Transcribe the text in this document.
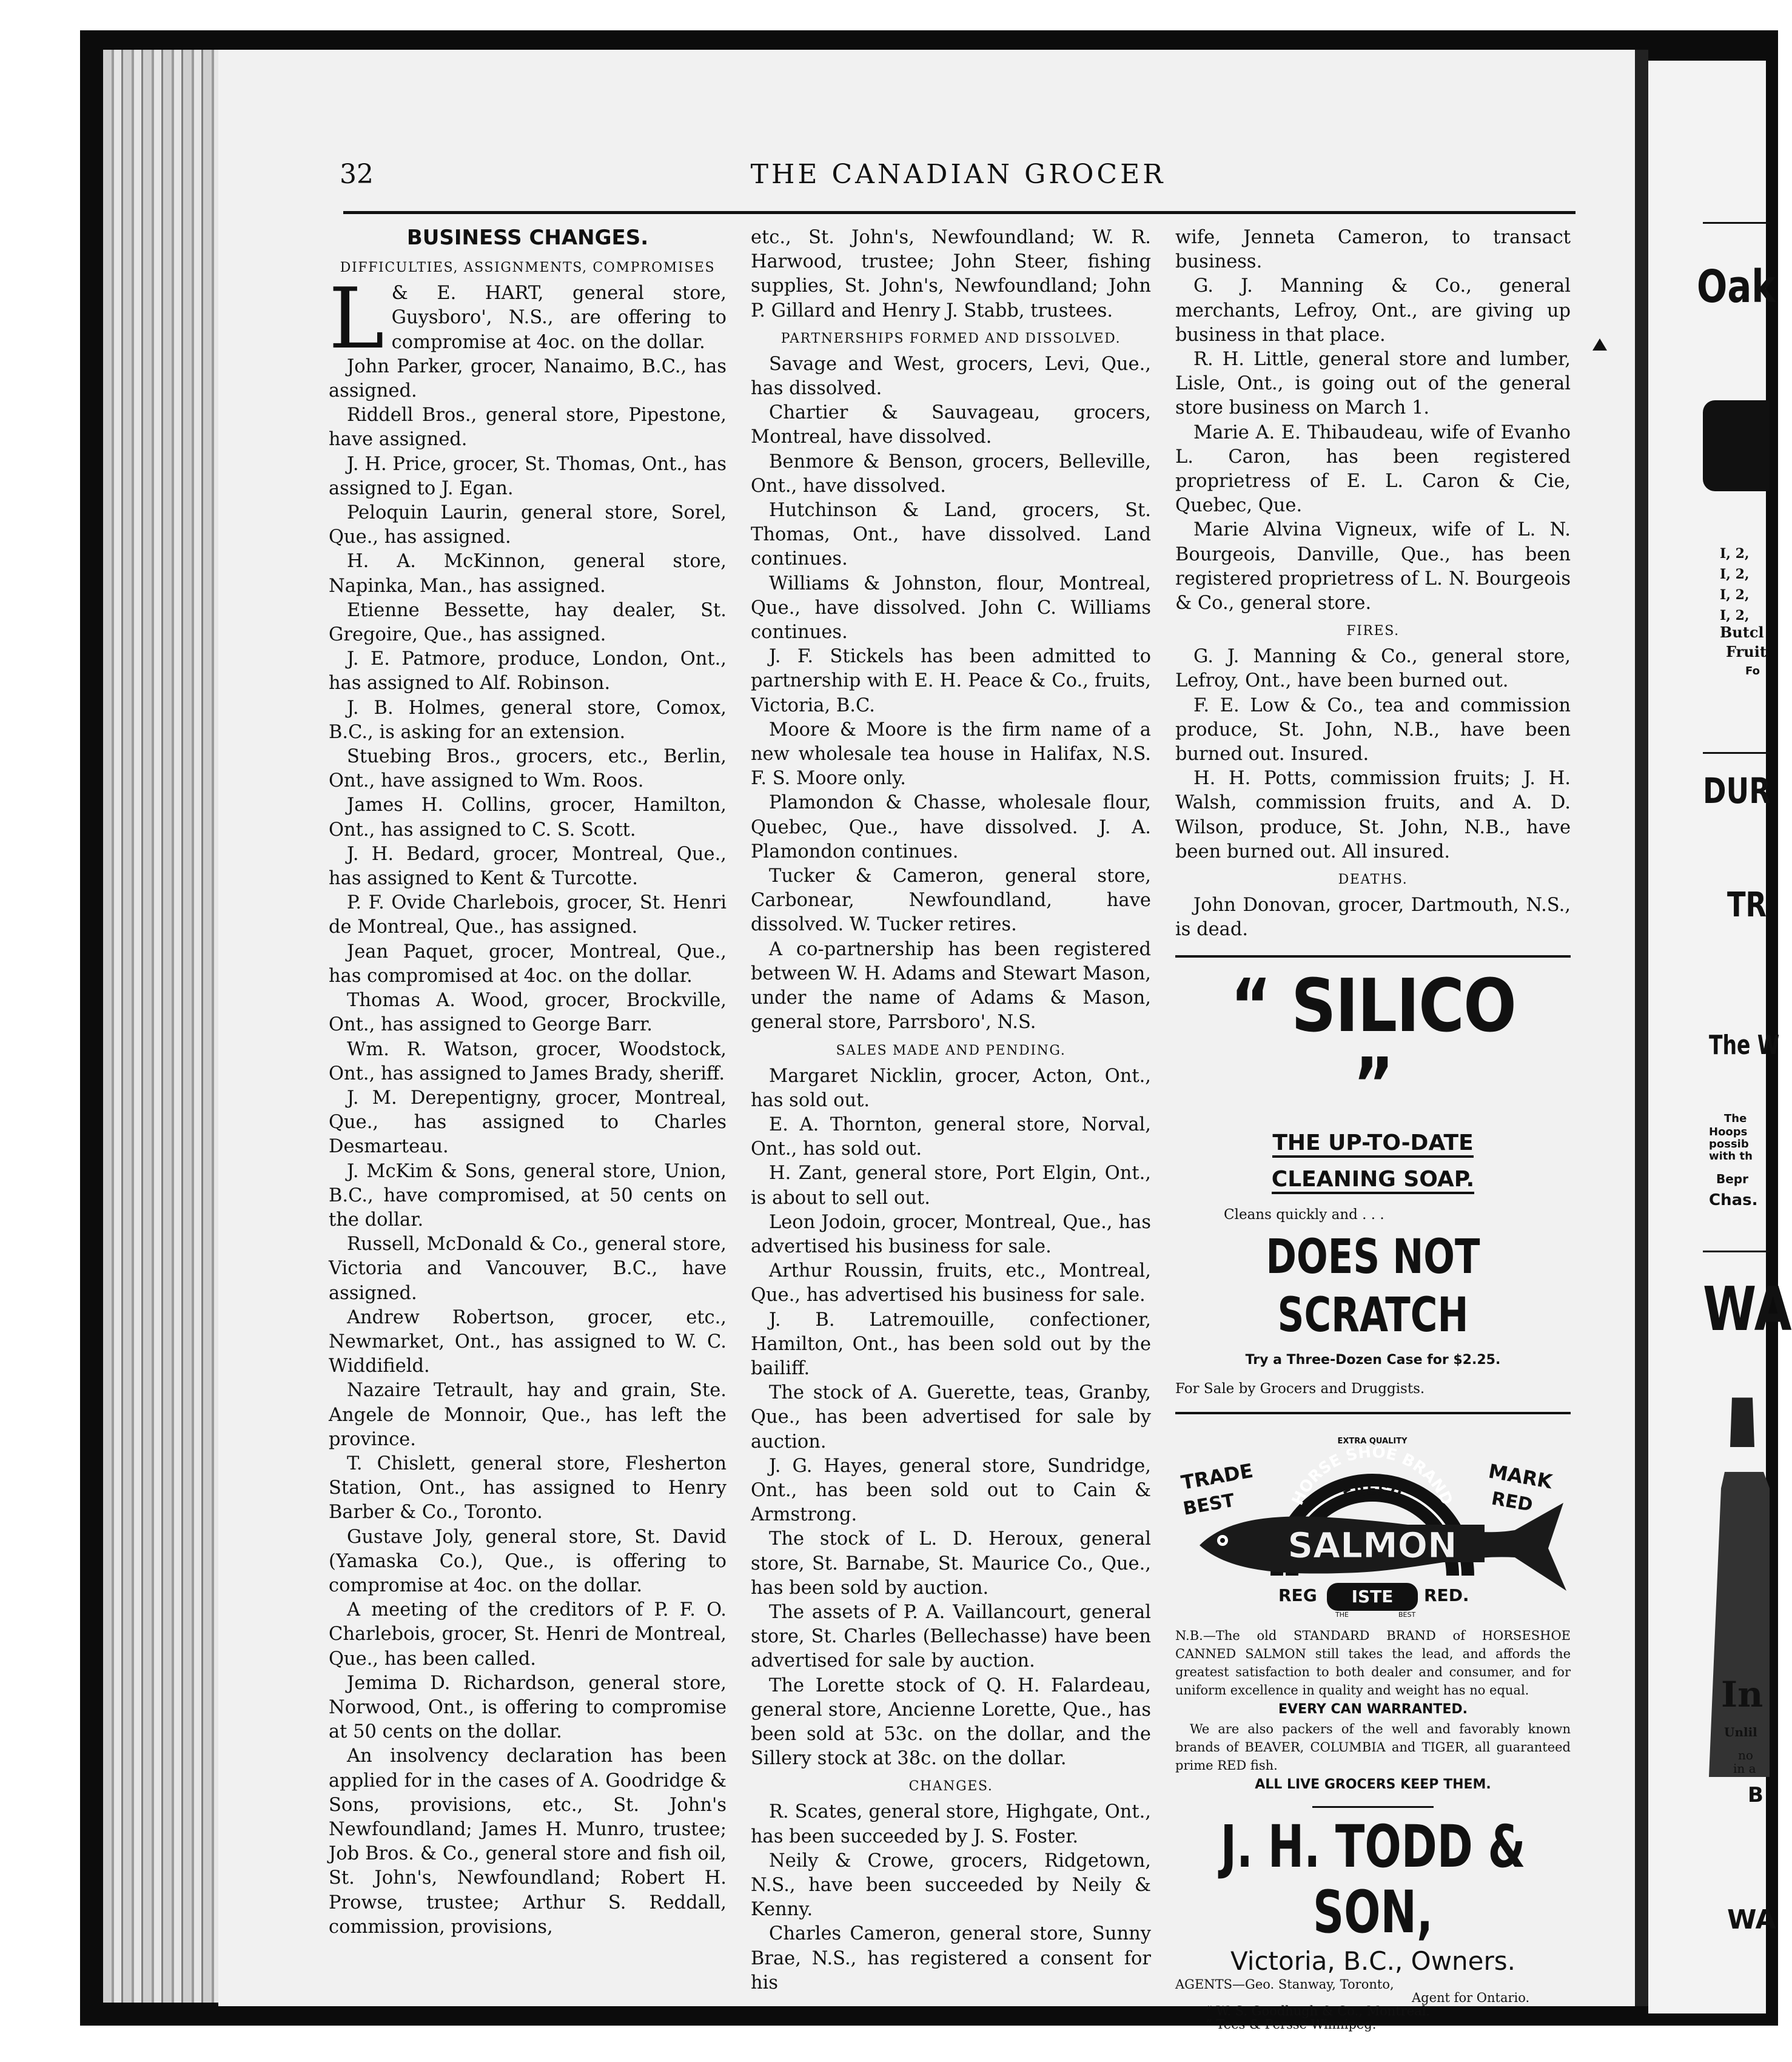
32	THE CANADIAN GROCER
BUSINESS CHANGES.
DIFFICULTIES, ASSIGNMENTS, COMPROMISES

L & E. HART, general store, Guysboro', N.S., are offering to compromise at 4oc. on the dollar.

John Parker, grocer, Nanaimo, B.C., has assigned.

Riddell Bros., general store, Pipestone, have assigned.

J. H. Price, grocer, St. Thomas, Ont., has assigned to J. Egan.

Peloquin Laurin, general store, Sorel, Que., has assigned.

H. A. McKinnon, general store, Napinka, Man., has assigned.

Etienne Bessette, hay dealer, St. Gregoire, Que., has assigned.

J. E. Patmore, produce, London, Ont., has assigned to Alf. Robinson.

J. B. Holmes, general store, Comox, B.C., is asking for an extension.

Stuebing Bros., grocers, etc., Berlin, Ont., have assigned to Wm. Roos.

James H. Collins, grocer, Hamilton, Ont., has assigned to C. S. Scott.

J. H. Bedard, grocer, Montreal, Que., has assigned to Kent & Turcotte.

P. F. Ovide Charlebois, grocer, St. Henri de Montreal, Que., has assigned.

Jean Paquet, grocer, Montreal, Que., has compromised at 4oc. on the dollar.

Thomas A. Wood, grocer, Brockville, Ont., has assigned to George Barr.

Wm. R. Watson, grocer, Woodstock, Ont., has assigned to James Brady, sheriff.

J. M. Derepentigny, grocer, Montreal, Que., has assigned to Charles Desmarteau.

J. McKim & Sons, general store, Union, B.C., have compromised, at 50 cents on the dollar.

Russell, McDonald & Co., general store, Victoria and Vancouver, B.C., have assigned.

Andrew Robertson, grocer, etc., Newmarket, Ont., has assigned to W. C. Widdifield.

Nazaire Tetrault, hay and grain, Ste. Angele de Monnoir, Que., has left the province.

T. Chislett, general store, Flesherton Station, Ont., has assigned to Henry Barber & Co., Toronto.

Gustave Joly, general store, St. David (Yamaska Co.), Que., is offering to compromise at 4oc. on the dollar.

A meeting of the creditors of P. F. O. Charlebois, grocer, St. Henri de Montreal, Que., has been called.

Jemima D. Richardson, general store, Norwood, Ont., is offering to compromise at 50 cents on the dollar.

An insolvency declaration has been applied for in the cases of A. Goodridge & Sons, provisions, etc., St. John's Newfoundland; James H. Munro, trustee; Job Bros. & Co., general store and fish oil, St. John's, Newfoundland; Robert H. Prowse, trustee; Arthur S. Reddall, commission, provisions,

etc., St. John's, Newfoundland; W. R. Harwood, trustee; John Steer, fishing supplies, St. John's, Newfoundland; John P. Gillard and Henry J. Stabb, trustees.

PARTNERSHIPS FORMED AND DISSOLVED.

Savage and West, grocers, Levi, Que., has dissolved.

Chartier & Sauvageau, grocers, Montreal, have dissolved.

Benmore & Benson, grocers, Belleville, Ont., have dissolved.

Hutchinson & Land, grocers, St. Thomas, Ont., have dissolved. Land continues.

Williams & Johnston, flour, Montreal, Que., have dissolved. John C. Williams continues.

J. F. Stickels has been admitted to partnership with E. H. Peace & Co., fruits, Victoria, B.C.

Moore & Moore is the firm name of a new wholesale tea house in Halifax, N.S. F. S. Moore only.

Plamondon & Chasse, wholesale flour, Quebec, Que., have dissolved. J. A. Plamondon continues.

Tucker & Cameron, general store, Carbonear, Newfoundland, have dissolved. W. Tucker retires.

A co-partnership has been registered between W. H. Adams and Stewart Mason, under the name of Adams & Mason, general store, Parrsboro', N.S.

SALES MADE AND PENDING.

Margaret Nicklin, grocer, Acton, Ont., has sold out.

E. A. Thornton, general store, Norval, Ont., has sold out.

H. Zant, general store, Port Elgin, Ont., is about to sell out.

Leon Jodoin, grocer, Montreal, Que., has advertised his business for sale.

Arthur Roussin, fruits, etc., Montreal, Que., has advertised his business for sale.

J. B. Latremouille, confectioner, Hamilton, Ont., has been sold out by the bailiff.

The stock of A. Guerette, teas, Granby, Que., has been advertised for sale by auction.

J. G. Hayes, general store, Sundridge, Ont., has been sold out to Cain & Armstrong.

The stock of L. D. Heroux, general store, St. Barnabe, St. Maurice Co., Que., has been sold by auction.

The assets of P. A. Vaillancourt, general store, St. Charles (Bellechasse) have been advertised for sale by auction.

The Lorette stock of Q. H. Falardeau, general store, Ancienne Lorette, Que., has been sold at 53c. on the dollar, and the Sillery stock at 38c. on the dollar.

CHANGES.

R. Scates, general store, Highgate, Ont., has been succeeded by J. S. Foster.

Neily & Crowe, grocers, Ridgetown, N.S., have been succeeded by Neily & Kenny.

Charles Cameron, general store, Sunny Brae, N.S., has registered a consent for his

wife, Jenneta Cameron, to transact business.

G. J. Manning & Co., general merchants, Lefroy, Ont., are giving up business in that place.

R. H. Little, general store and lumber, Lisle, Ont., is going out of the general store business on March 1.

Marie A. E. Thibaudeau, wife of Evanho L. Caron, has been registered proprietress of E. L. Caron & Cie, Quebec, Que.

Marie Alvina Vigneux, wife of L. N. Bourgeois, Danville, Que., has been registered proprietress of L. N. Bourgeois & Co., general store.

FIRES.

G. J. Manning & Co., general store, Lefroy, Ont., have been burned out.

F. E. Low & Co., tea and commission produce, St. John, N.B., have been burned out. Insured.

H. H. Potts, commission fruits; J. H. Walsh, commission fruits, and A. D. Wilson, produce, St. John, N.B., have been burned out. All insured.

DEATHS.

John Donovan, grocer, Dartmouth, N.S., is dead.

“ SILICO ”
THE UP-TO-DATE
CLEANING SOAP.
Cleans quickly and . . .
DOES NOT SCRATCH
Try a Three-Dozen Case for $2.25.
For Sale by Grocers and Druggists.
HORSE SHOE BRAND
EXTRA QUALITY
FRESH
SALMON
TRADE
BEST
MARK
RED
REG ISTE RED.
THE	BEST
N.B.—The old STANDARD BRAND of HORSESHOE CANNED SALMON still takes the lead, and affords the greatest satisfaction to both dealer and consumer, and for uniform excellence in quality and weight has no equal.
EVERY CAN WARRANTED.
We are also packers of the well and favorably known brands of BEAVER, COLUMBIA and TIGER, all guaranteed prime RED fish.
ALL LIVE GROCERS KEEP THEM.
J. H. TODD & SON,
Victoria, B.C., Owners.
AGENTS—Geo. Stanway, Toronto,
Agent for Ontario.
“ W. S. Goodhugh & Co., Montreal.
“ Tees & Persse Winnipeg.
Oak
I, 2,
I, 2,
I, 2,
I, 2,
Butcl
Fruit
Fo
DUR
TR
The W
The
Hoops
possib
with th
Bepr
Chas.
WA
In
Unlil
no
in a
B
WA
